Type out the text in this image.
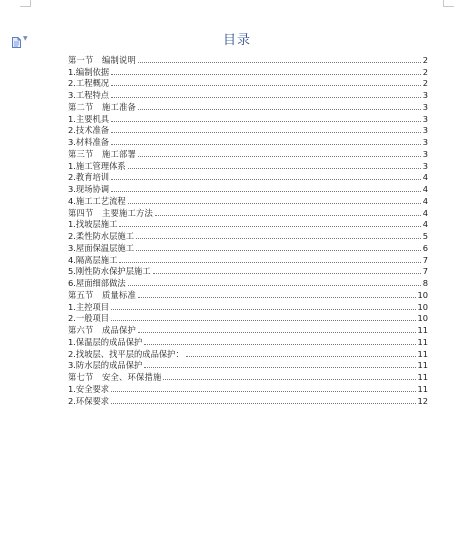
▼	目录
第一节　编制说明	2
1.编制依据	2
2.工程概况	2
3.工程特点	3
第二节　施工准备	3
1.主要机具	3
2.技术准备	3
3.材料准备	3
第三节　施工部署	3
1.施工管理体系	3
2.教育培训	4
3.现场协调	4
4.施工工艺流程	4
第四节　主要施工方法	4
1.找坡层施工	4
2.柔性防水层施工	5
3.屋面保温层施工	6
4.隔离层施工	7
5.刚性防水保护层施工	7
6.屋面细部做法	8
第五节　质量标准	10
1.主控项目	10
2.一般项目	10
第六节　成品保护	11
1.保温层的成品保护	11
2.找坡层、找平层的成品保护：	11
3.防水层的成品保护	11
第七节　安全、环保措施	11
1.安全要求	11
2.环保要求	12
